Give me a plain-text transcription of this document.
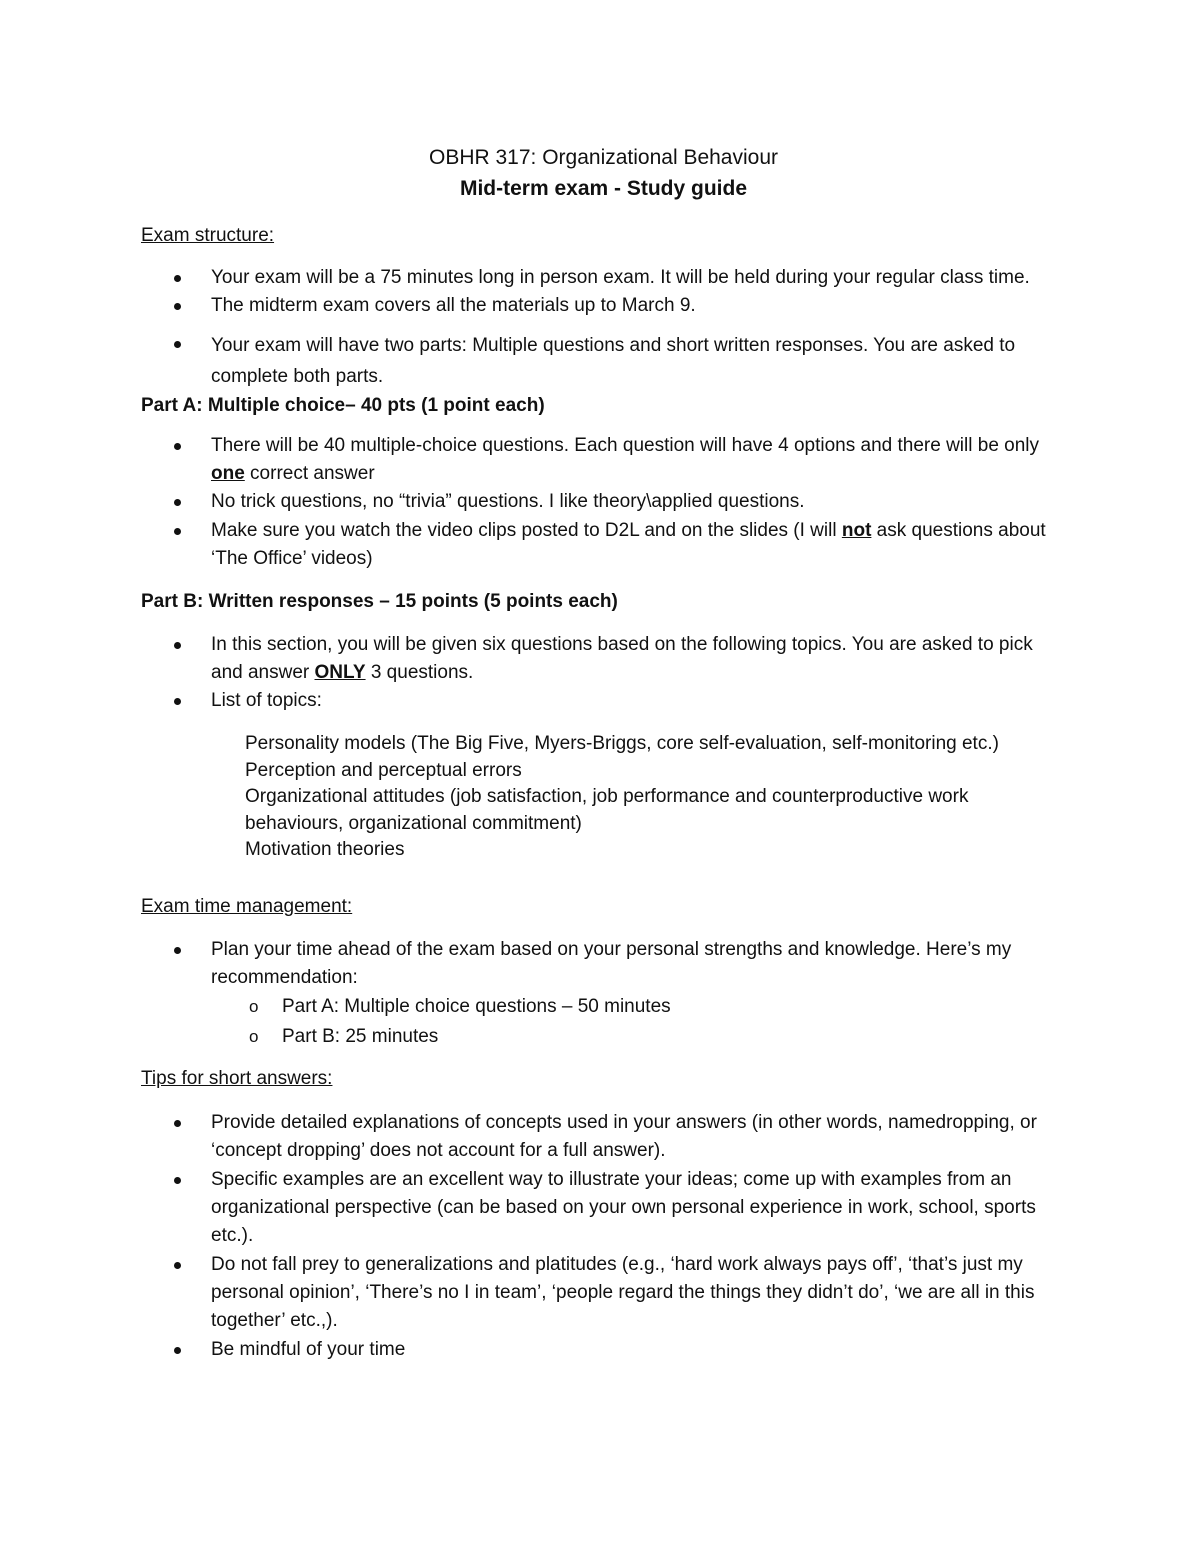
OBHR 317: Organizational Behaviour

Mid-term exam - Study guide

Exam structure:

Your exam will be a 75 minutes long in person exam. It will be held during your regular class time.
The midterm exam covers all the materials up to March 9.
Your exam will have two parts: Multiple questions and short written responses. You are asked to complete both parts.

Part A: Multiple choice– 40 pts (1 point each)

There will be 40 multiple-choice questions. Each question will have 4 options and there will be only one correct answer
No trick questions, no “trivia” questions. I like theory\applied questions.
Make sure you watch the video clips posted to D2L and on the slides (I will not ask questions about ‘The Office’ videos)

Part B: Written responses – 15 points (5 points each)

In this section, you will be given six questions based on the following topics. You are asked to pick and answer ONLY 3 questions.
List of topics:
Personality models (The Big Five, Myers-Briggs, core self-evaluation, self-monitoring etc.)
Perception and perceptual errors
Organizational attitudes (job satisfaction, job performance and counterproductive work behaviours, organizational commitment)
Motivation theories

Exam time management:

Plan your time ahead of the exam based on your personal strengths and knowledge. Here’s my recommendation:
o Part A: Multiple choice questions – 50 minutes
o Part B: 25 minutes

Tips for short answers:

Provide detailed explanations of concepts used in your answers (in other words, namedropping, or ‘concept dropping’ does not account for a full answer).
Specific examples are an excellent way to illustrate your ideas; come up with examples from an organizational perspective (can be based on your own personal experience in work, school, sports etc.).
Do not fall prey to generalizations and platitudes (e.g., ‘hard work always pays off’, ‘that’s just my personal opinion’, ‘There’s no I in team’, ‘people regard the things they didn’t do’, ‘we are all in this together’ etc.,).
Be mindful of your time
